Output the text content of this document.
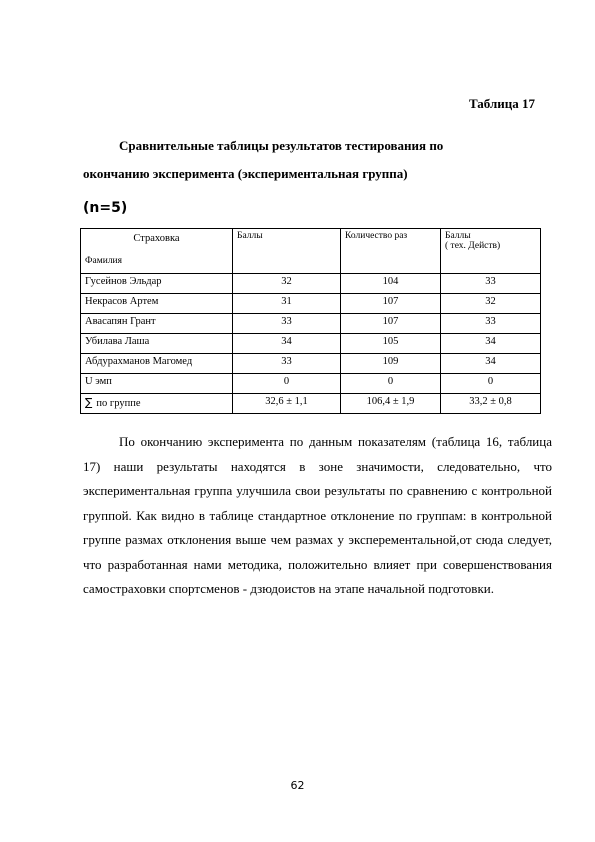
Таблица 17
Сравнительные таблицы результатов тестирования по
окончанию эксперимента (экспериментальная группа)
(n=5)
Страховка
Фамилия	Баллы	Количество раз	Баллы
( тех. Действ)
Гусейнов Эльдар	32	104	33
Некрасов Артем	31	107	32
Авасапян Грант	33	107	33
Убилава Лаша	34	105	34
Абдурахманов Магомед	33	109	34
U эмп	0	0	0
∑ по группе	32,6 ± 1,1	106,4 ± 1,9	33,2 ± 0,8
По окончанию эксперимента по данным показателям (таблица 16, таблица 17) наши результаты находятся в зоне значимости, следовательно, что экспериментальная группа улучшила свои результаты по сравнению с контрольной группой. Как видно в таблице стандартное отклонение по группам: в контрольной группе размах отклонения выше чем размах у эксперементальной,от сюда следует, что разработанная нами методика, положительно влияет при совершенствования самостраховки спортсменов - дзюдоистов на этапе начальной подготовки.
62
